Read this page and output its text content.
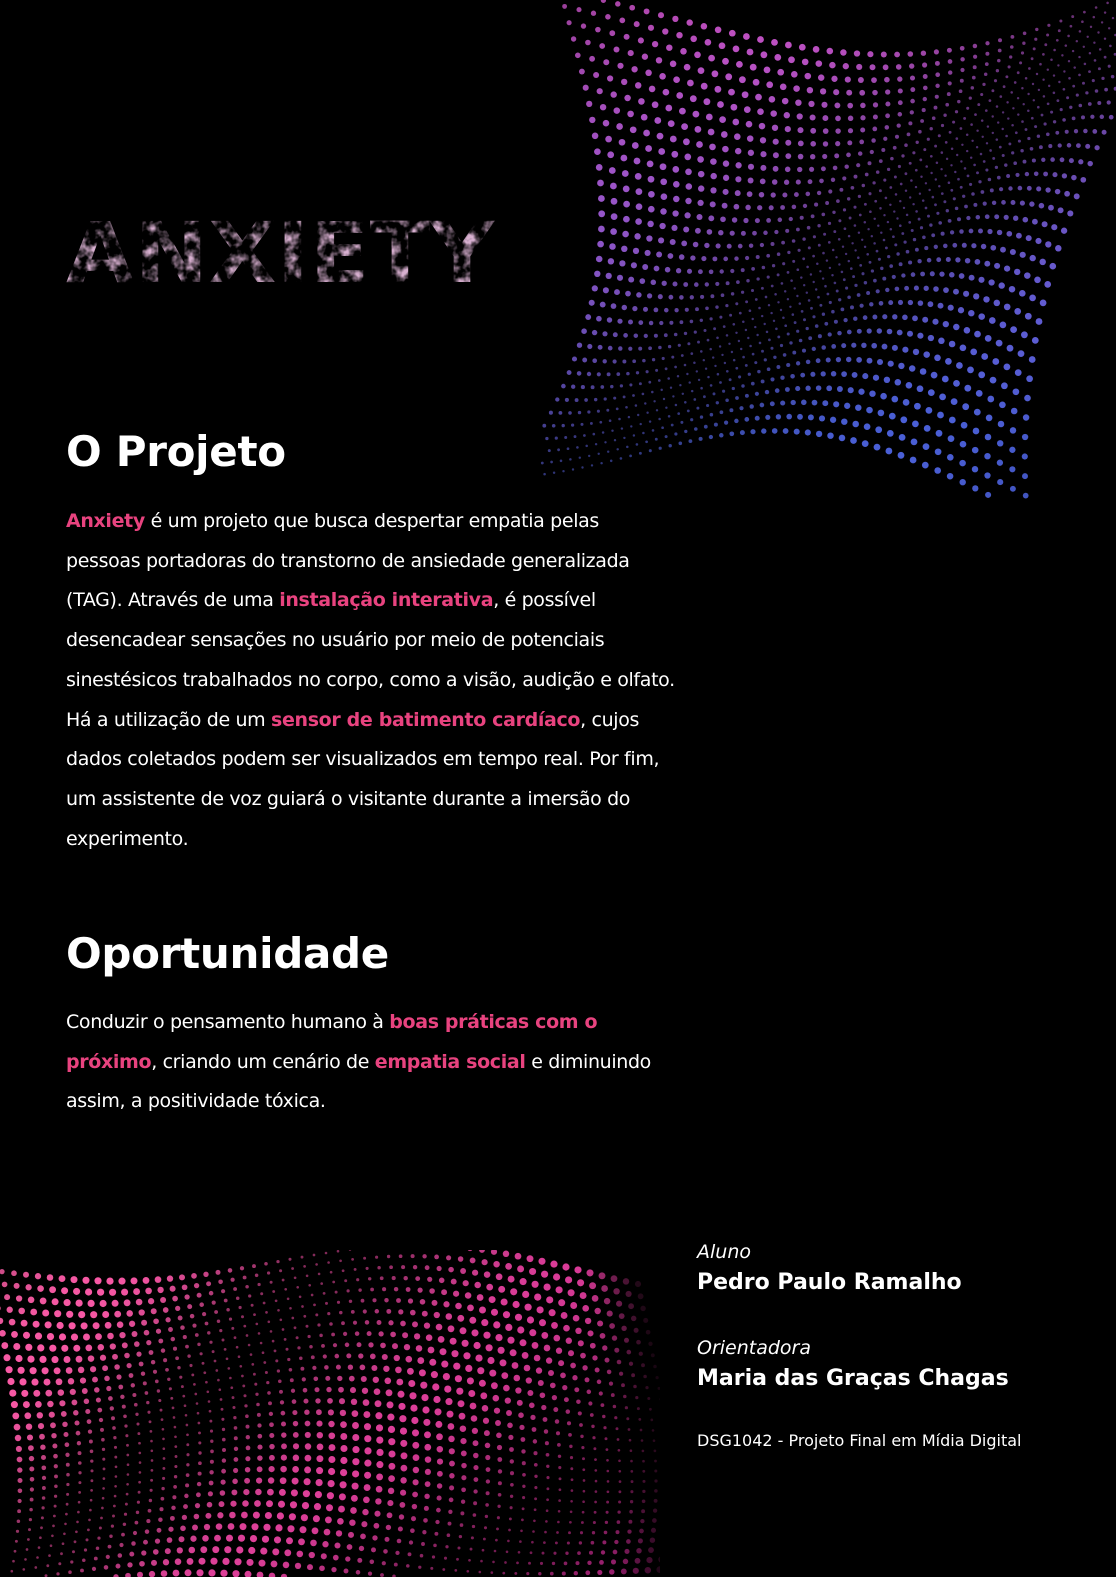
ANXIETY
O Projeto

Anxiety é um projeto que busca despertar empatia pelas pessoas portadoras do transtorno de ansiedade generalizada (TAG). Através de uma instalação interativa, é possível desencadear sensações no usuário por meio de potenciais sinestésicos trabalhados no corpo, como a visão, audição e olfato. Há a utilização de um sensor de batimento cardíaco, cujos dados coletados podem ser visualizados em tempo real. Por fim, um assistente de voz guiará o visitante durante a imersão do experimento.

Oportunidade

Conduzir o pensamento humano à boas práticas com o próximo, criando um cenário de empatia social e diminuindo assim, a positividade tóxica.

Aluno
Pedro Paulo Ramalho
Orientadora
Maria das Graças Chagas
DSG1042 - Projeto Final em Mídia Digital
